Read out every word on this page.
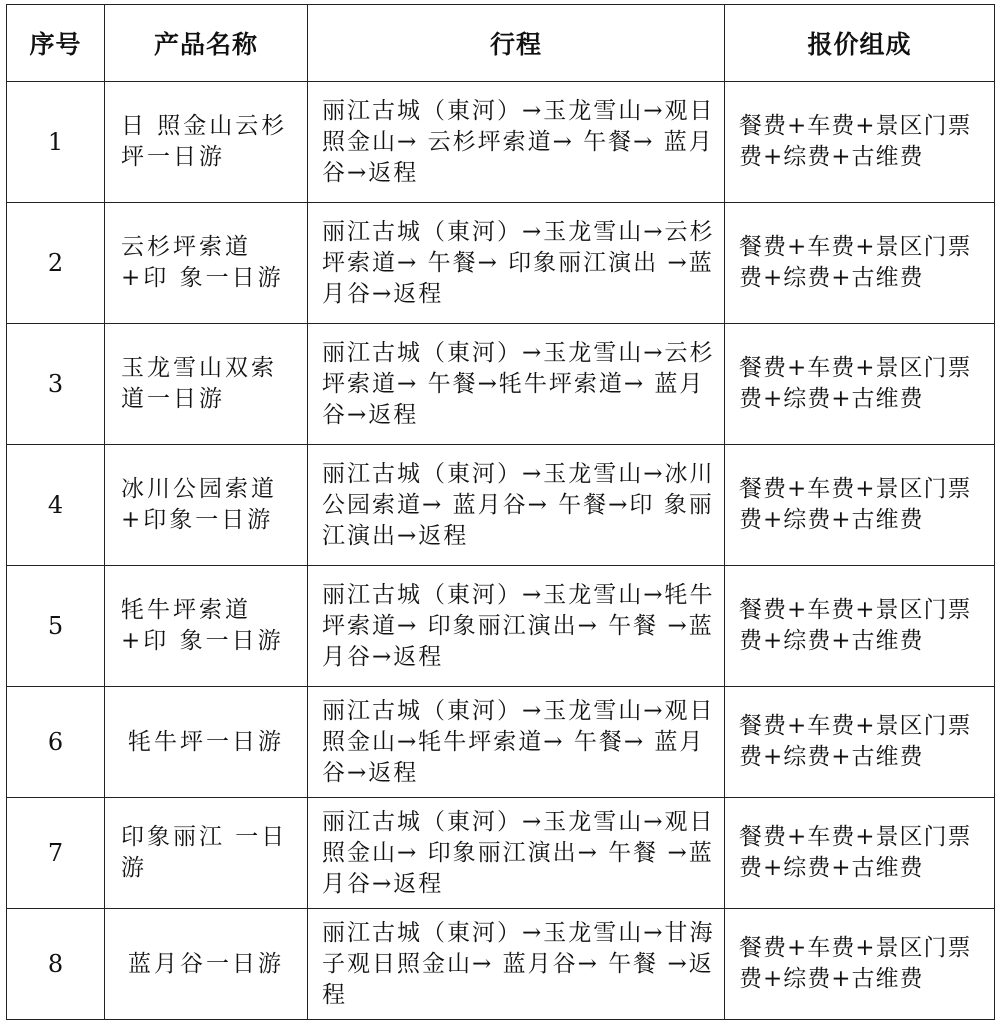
序号	产品名称	行程	报价组成
1	日 照金山云杉 坪一日游	丽江古城（東河）→玉龙雪山→观日照金山→ 云杉坪索道→ 午餐→ 蓝月谷→返程	餐费+车费+景区门票费+综费+古维费
2	云杉坪索道+印 象一日游	丽江古城（東河）→玉龙雪山→云杉坪索道→ 午餐→ 印象丽江演出 →蓝月谷→返程	餐费+车费+景区门票费+综费+古维费
3	玉龙雪山双索道一日游	丽江古城（東河）→玉龙雪山→云杉坪索道→ 午餐→牦牛坪索道→ 蓝月谷→返程	餐费+车费+景区门票费+综费+古维费
4	冰川公园索道+印象一日游	丽江古城（東河）→玉龙雪山→冰川公园索道→ 蓝月谷→ 午餐→印 象丽江演出→返程	餐费+车费+景区门票费+综费+古维费
5	牦牛坪索道+印 象一日游	丽江古城（東河）→玉龙雪山→牦牛坪索道→ 印象丽江演出→ 午餐 →蓝月谷→返程	餐费+车费+景区门票费+综费+古维费
6	牦牛坪一日游	丽江古城（東河）→玉龙雪山→观日照金山→牦牛坪索道→ 午餐→ 蓝月谷→返程	餐费+车费+景区门票费+综费+古维费
7	印象丽江 一日 游	丽江古城（東河）→玉龙雪山→观日照金山→ 印象丽江演出→ 午餐 →蓝月谷→返程	餐费+车费+景区门票费+综费+古维费
8	蓝月谷一日游	丽江古城（東河）→玉龙雪山→甘海子观日照金山→ 蓝月谷→ 午餐 →返程	餐费+车费+景区门票费+综费+古维费
